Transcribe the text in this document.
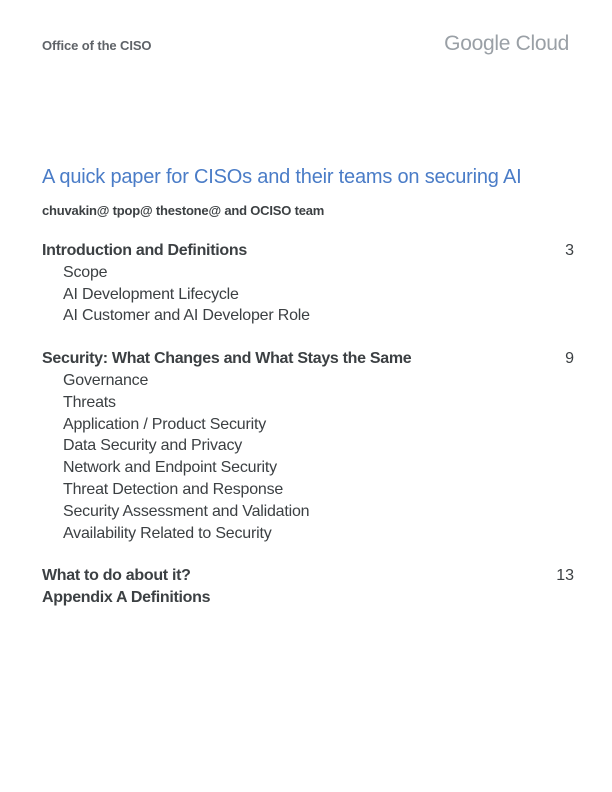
Office of the CISO	Google Cloud
A quick paper for CISOs and their teams on securing AI
chuvakin@ tpop@ thestone@ and OCISO team
Introduction and Definitions	3
Scope
AI Development Lifecycle
AI Customer and AI Developer Role
Security: What Changes and What Stays the Same	9
Governance
Threats
Application / Product Security
Data Security and Privacy
Network and Endpoint Security
Threat Detection and Response
Security Assessment and Validation
Availability Related to Security
What to do about it?	13
Appendix A Definitions
